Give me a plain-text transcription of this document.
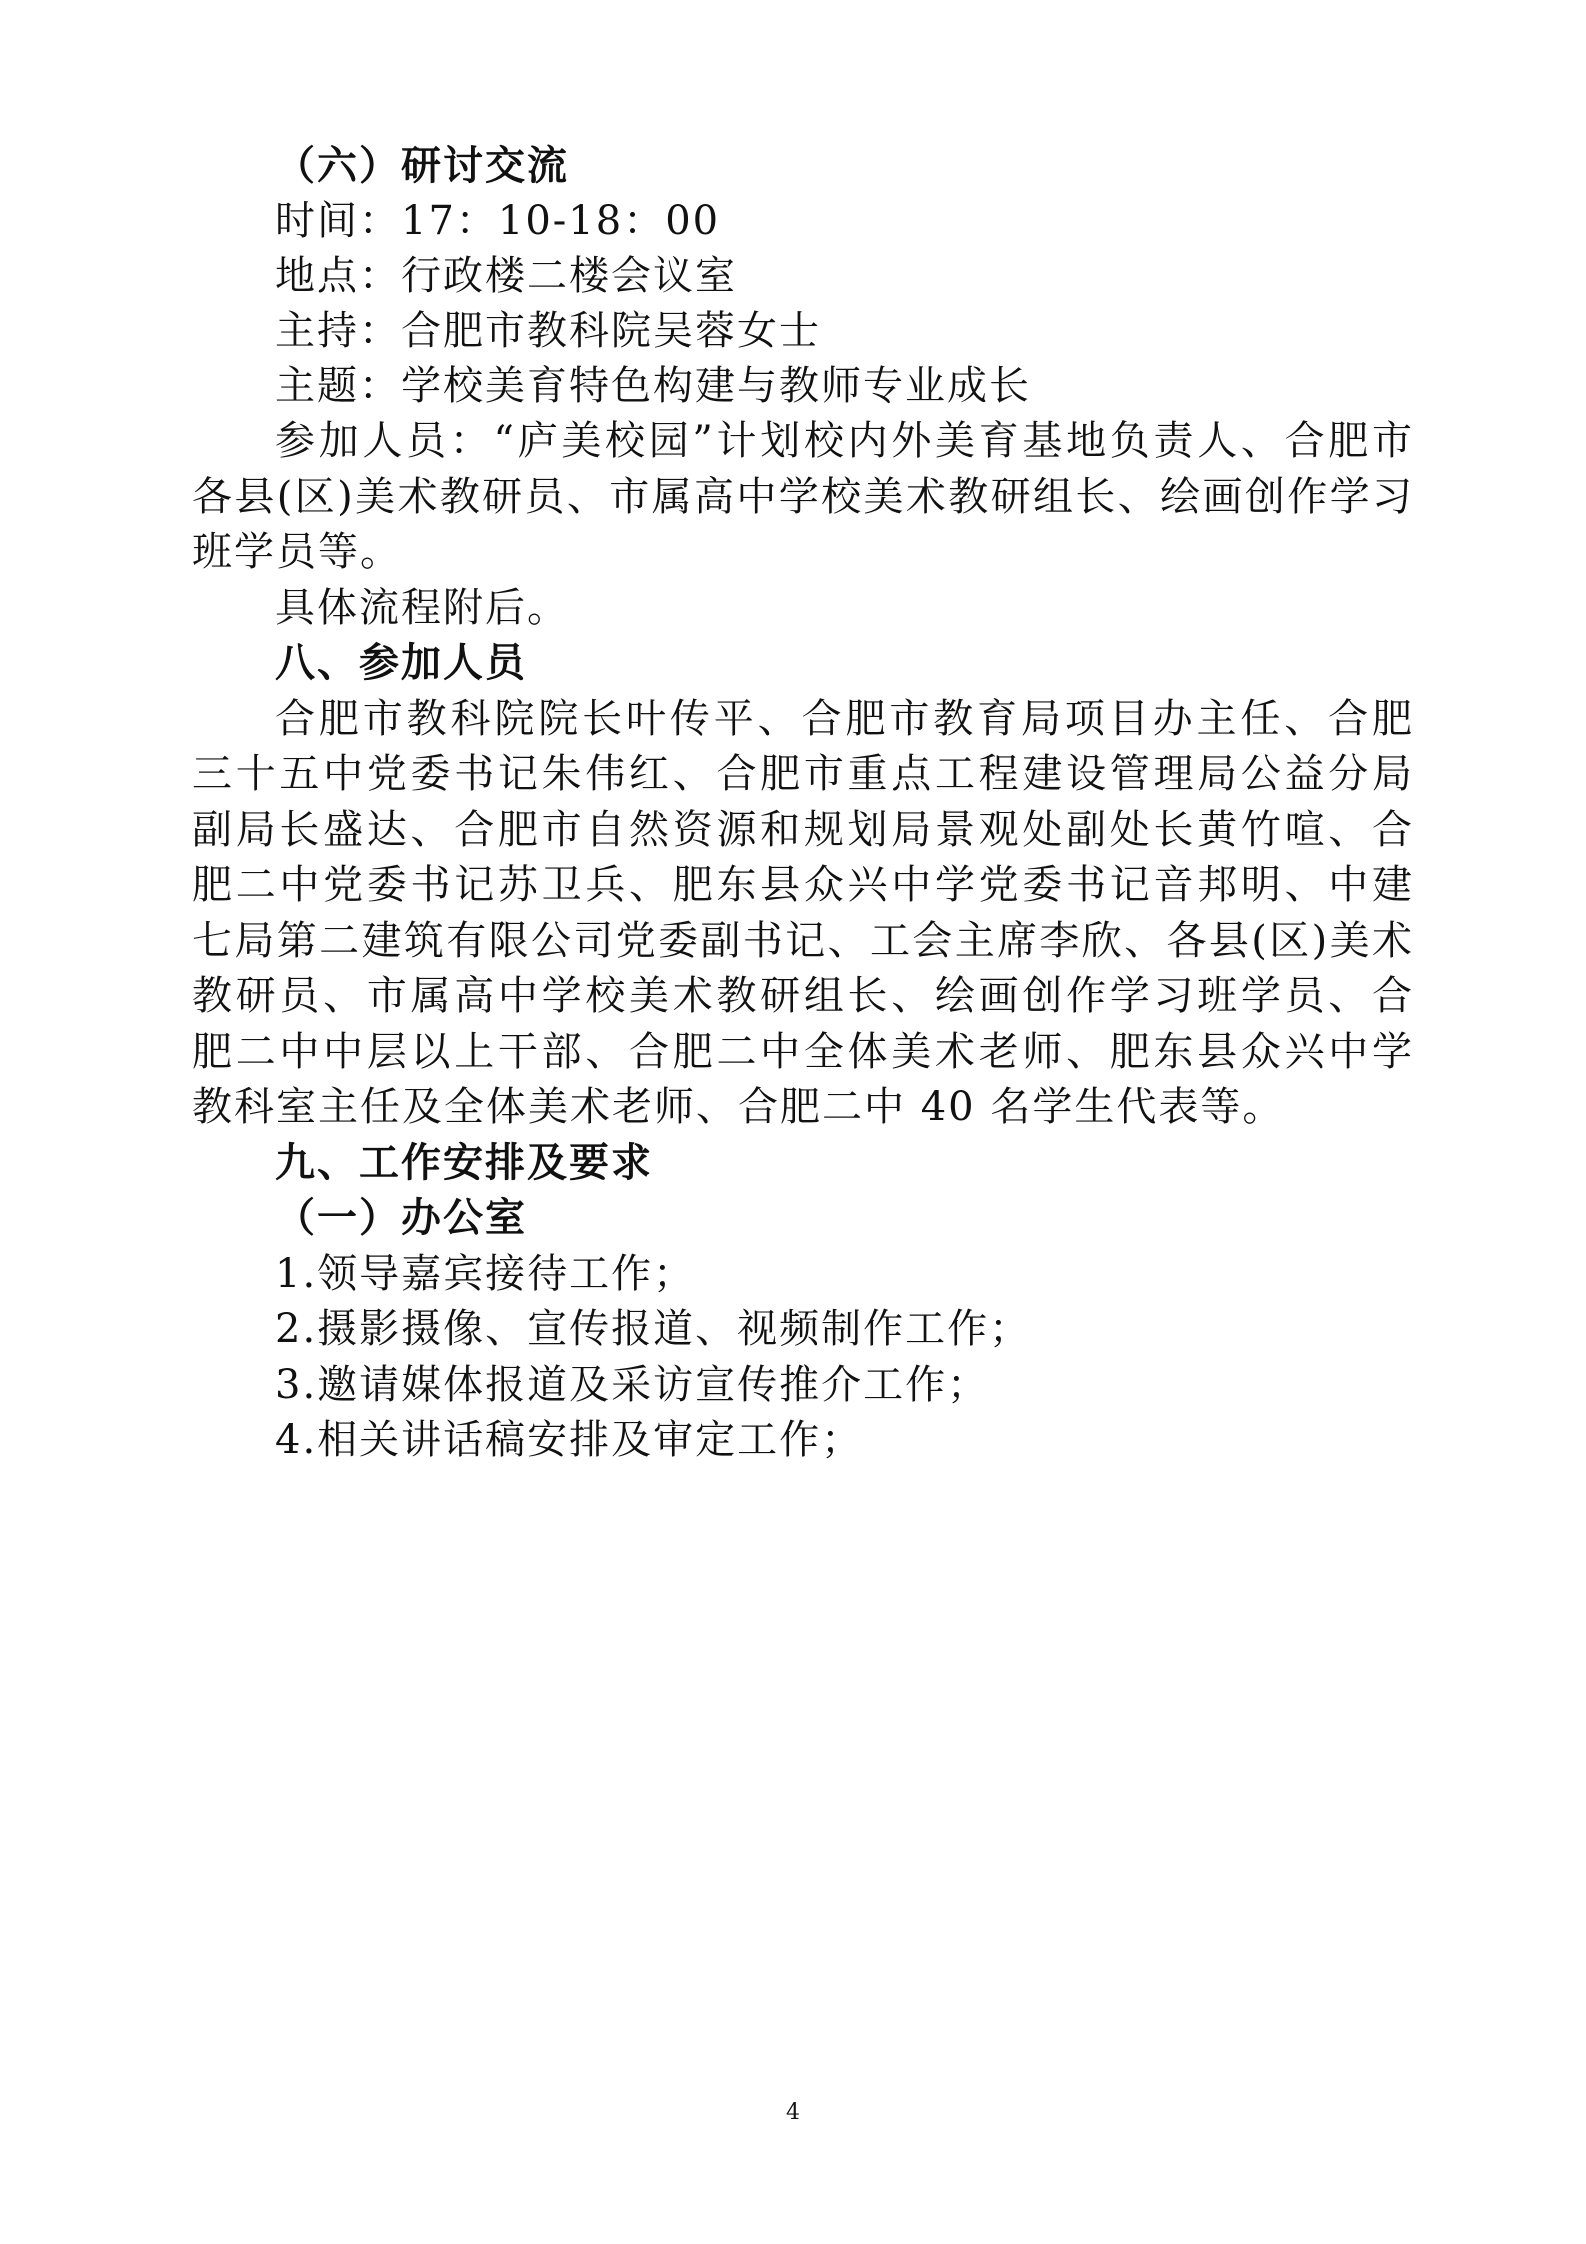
（六）研讨交流
时间：17：10-18：00
地点：行政楼二楼会议室
主持：合肥市教科院吴蓉女士
主题：学校美育特色构建与教师专业成长
参加人员：“庐美校园”计划校内外美育基地负责人、合肥市
各县(区)美术教研员、市属高中学校美术教研组长、绘画创作学习
班学员等。
具体流程附后。
八、参加人员
合肥市教科院院长叶传平、合肥市教育局项目办主任、合肥
三十五中党委书记朱伟红、合肥市重点工程建设管理局公益分局
副局长盛达、合肥市自然资源和规划局景观处副处长黄竹喧、合
肥二中党委书记苏卫兵、肥东县众兴中学党委书记音邦明、中建
七局第二建筑有限公司党委副书记、工会主席李欣、各县(区)美术
教研员、市属高中学校美术教研组长、绘画创作学习班学员、合
肥二中中层以上干部、合肥二中全体美术老师、肥东县众兴中学
教科室主任及全体美术老师、合肥二中 40 名学生代表等。
九、工作安排及要求
（一）办公室
1.领导嘉宾接待工作；
2.摄影摄像、宣传报道、视频制作工作；
3.邀请媒体报道及采访宣传推介工作；
4.相关讲话稿安排及审定工作；
4
